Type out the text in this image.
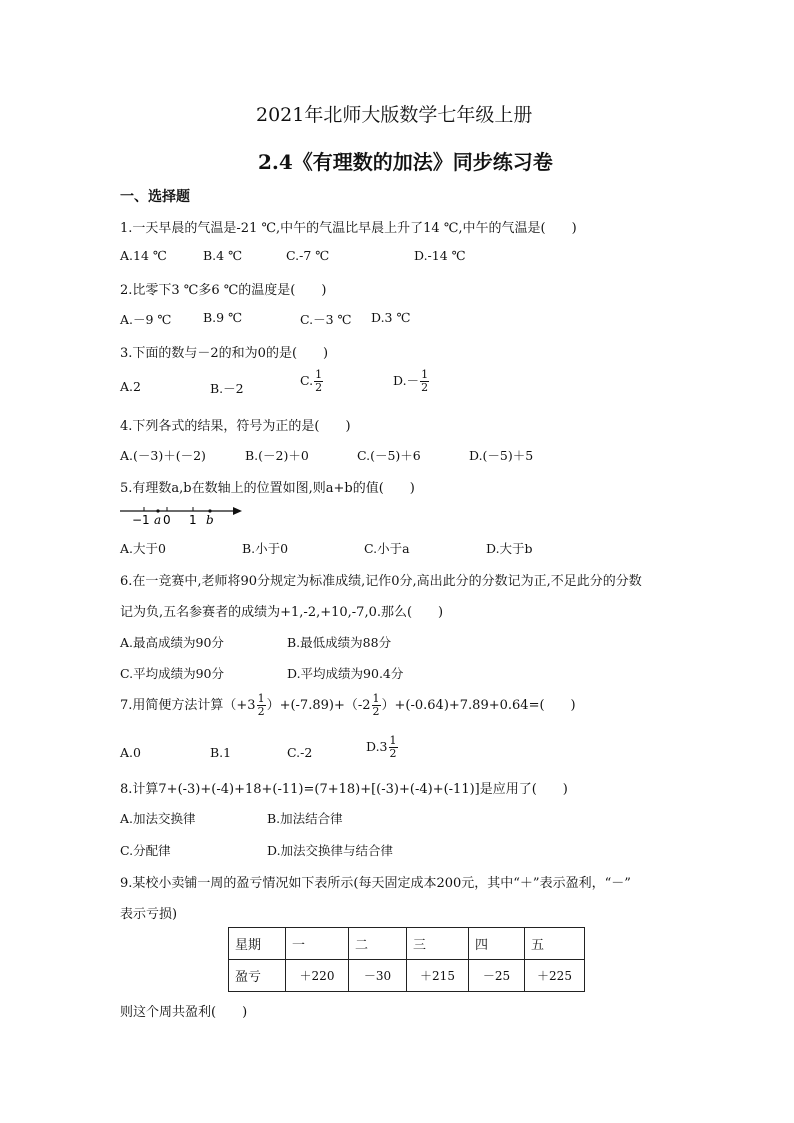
2021年北师大版数学七年级上册
2.4《有理数的加法》同步练习卷
一、选择题
1.一天早晨的气温是-21 ℃,中午的气温比早晨上升了14 ℃,中午的气温是(　　)
A.14 ℃	B.4 ℃	C.-7 ℃	D.-14 ℃
2.比零下3 ℃多6 ℃的温度是(　　)
A.－9 ℃	B.9 ℃	C.－3 ℃ D.3 ℃
3.下面的数与－2的和为0的是(　　)
A.2	B.－2
C. $\frac{1}{2}$	$D.- \frac{1}{2}$
4.下列各式的结果，符号为正的是(　　)
A.(－3)＋(－2)	B.(－2)＋0	C.(－5)＋6	D.(－5)＋5
5.有理数a,b在数轴上的位置如图,则a+b的值(　　)
−1 a 0 1 b
A.大于0	B.小于0	C.小于a	D.大于b
6.在一竞赛中,老师将90分规定为标准成绩,记作0分,高出此分的分数记为正,不足此分的分数
记为负,五名参赛者的成绩为+1,-2,+10,-7,0.那么(　　)
A.最高成绩为90分	B.最低成绩为88分
C.平均成绩为90分	D.平均成绩为90.4分
7.用简便方法计算$(+3 \frac{1}{2} )+(-7.89)+(-2 \frac{1}{2} )+(-0.64)+7.89+0.64=$(　　)
A.0	B.1	C.-2	$D.3 \frac{1}{2}$
8.计算7+(-3)+(-4)+18+(-11)=(7+18)+[(-3)+(-4)+(-11)]是应用了(　　)
A.加法交换律	B.加法结合律
C.分配律	D.加法交换律与结合律
9.某校小卖铺一周的盈亏情况如下表所示(每天固定成本200元，其中“＋”表示盈利，“－”
表示亏损)
星期	一	二	三	四	五
盈亏	＋220	－30	＋215	－25	＋225
则这个周共盈利(　　)
